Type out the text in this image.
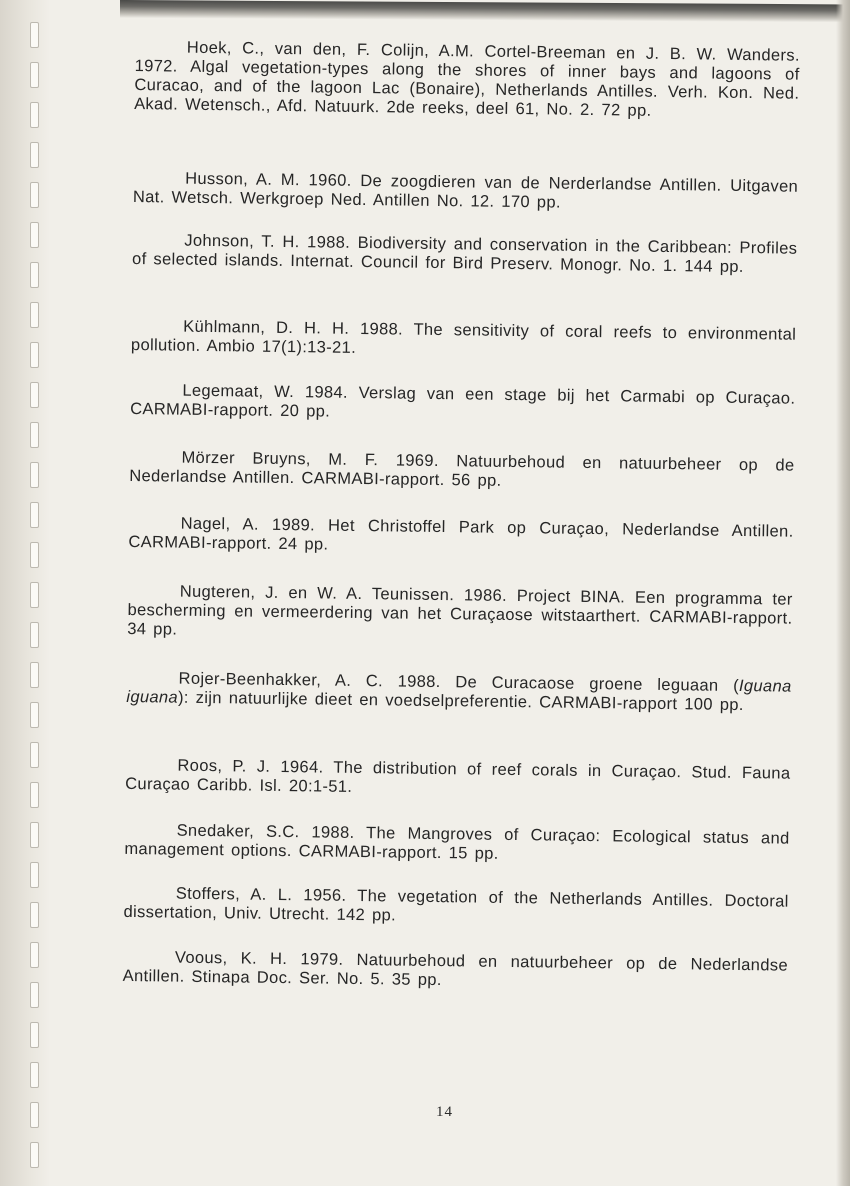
Hoek, C., van den, F. Colijn, A.M. Cortel-Breeman en J. B. W. Wanders. 1972. Algal vegetation-types along the shores of inner bays and lagoons of Curacao, and of the lagoon Lac (Bonaire), Netherlands Antilles. Verh. Kon. Ned. Akad. Wetensch., Afd. Natuurk. 2de reeks, deel 61, No. 2. 72 pp.

Husson, A. M. 1960. De zoogdieren van de Nerderlandse Antillen. Uitgaven Nat. Wetsch. Werkgroep Ned. Antillen No. 12. 170 pp.

Johnson, T. H. 1988. Biodiversity and conservation in the Caribbean: Profiles of selected islands. Internat. Council for Bird Preserv. Monogr. No. 1. 144 pp.

Kühlmann, D. H. H. 1988. The sensitivity of coral reefs to environmental pollution. Ambio 17(1):13-21.

Legemaat, W. 1984. Verslag van een stage bij het Carmabi op Curaçao. CARMABI-rapport. 20 pp.

Mörzer Bruyns, M. F. 1969. Natuurbehoud en natuurbeheer op de Nederlandse Antillen. CARMABI-rapport. 56 pp.

Nagel, A. 1989. Het Christoffel Park op Curaçao, Nederlandse Antillen. CARMABI-rapport. 24 pp.

Nugteren, J. en W. A. Teunissen. 1986. Project BINA. Een programma ter bescherming en vermeerdering van het Curaçaose witstaarthert. CARMABI-rapport. 34 pp.

Rojer-Beenhakker, A. C. 1988. De Curacaose groene leguaan (Iguana iguana): zijn natuurlijke dieet en voedselpreferentie. CARMABI-rapport 100 pp.

Roos, P. J. 1964. The distribution of reef corals in Curaçao. Stud. Fauna Curaçao Caribb. Isl. 20:1-51.

Snedaker, S.C. 1988. The Mangroves of Curaçao: Ecological status and management options. CARMABI-rapport. 15 pp.

Stoffers, A. L. 1956. The vegetation of the Netherlands Antilles. Doctoral dissertation, Univ. Utrecht. 142 pp.

Voous, K. H. 1979. Natuurbehoud en natuurbeheer op de Nederlandse Antillen. Stinapa Doc. Ser. No. 5. 35 pp.

14
